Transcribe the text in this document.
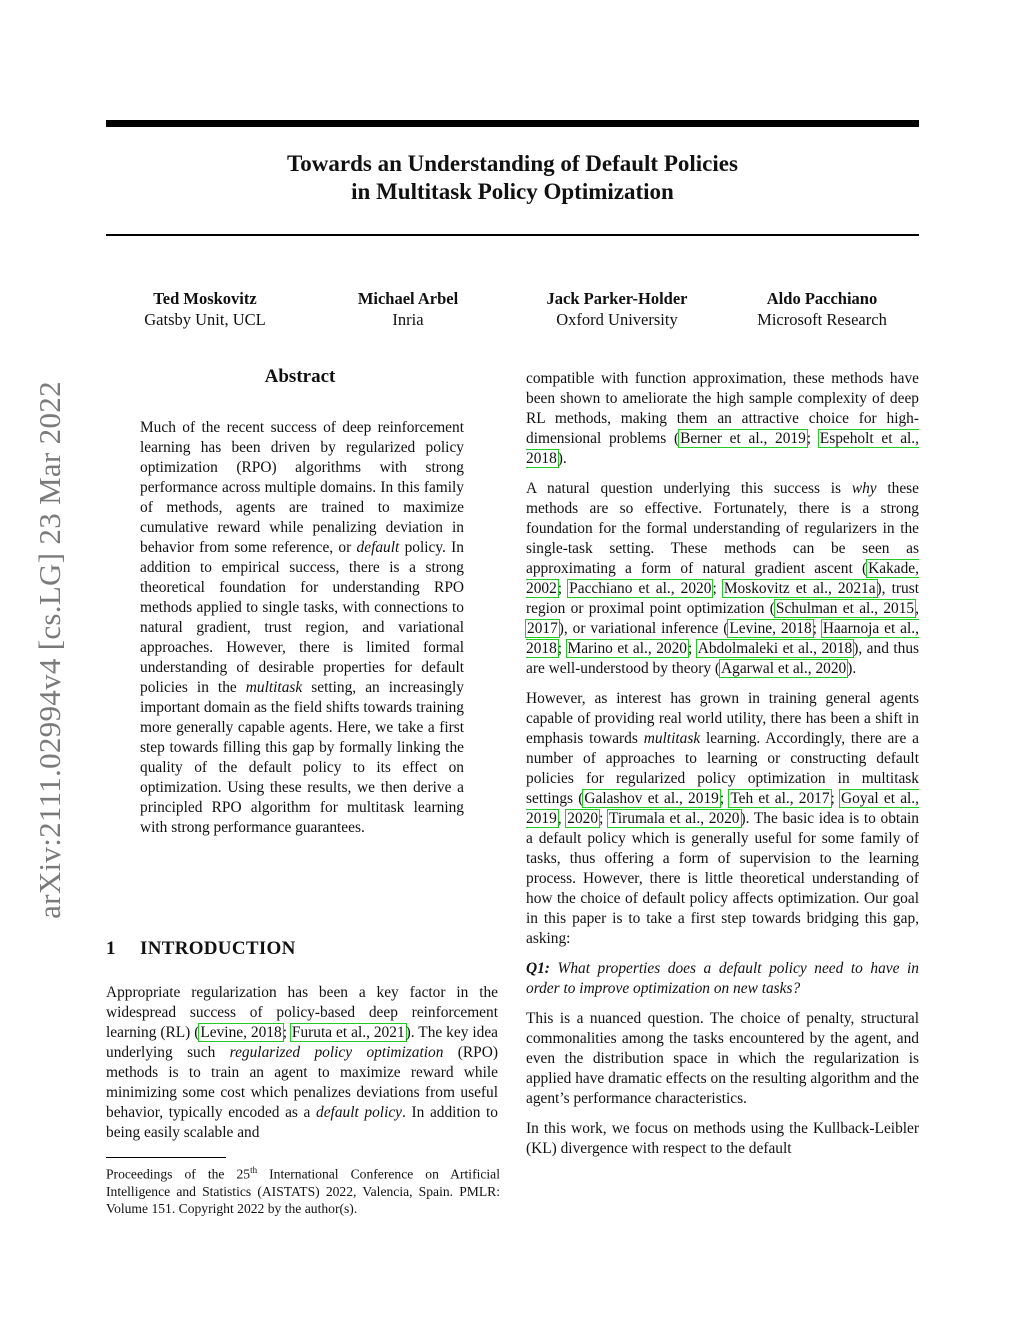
arXiv:2111.02994v4 [cs.LG] 23 Mar 2022
Towards an Understanding of Default Policies
in Multitask Policy Optimization
Ted Moskovitz
Gatsby Unit, UCL
Michael Arbel
Inria
Jack Parker-Holder
Oxford University
Aldo Pacchiano
Microsoft Research
Abstract
Much of the recent success of deep reinforcement learning has been driven by regularized policy optimization (RPO) algorithms with strong performance across multiple domains. In this family of methods, agents are trained to maximize cumulative reward while penalizing deviation in behavior from some reference, or default policy. In addition to empirical success, there is a strong theoretical foundation for understanding RPO methods applied to single tasks, with connections to natural gradient, trust region, and variational approaches. However, there is limited formal understanding of desirable properties for default policies in the multitask setting, an increasingly important domain as the field shifts towards training more generally capable agents. Here, we take a first step towards filling this gap by formally linking the quality of the default policy to its effect on optimization. Using these results, we then derive a principled RPO algorithm for multitask learning with strong performance guarantees.
1 INTRODUCTION
Appropriate regularization has been a key factor in the widespread success of policy-based deep reinforcement learning (RL) (Levine, 2018; Furuta et al., 2021). The key idea underlying such regularized policy optimization (RPO) methods is to train an agent to maximize reward while minimizing some cost which penalizes deviations from useful behavior, typically encoded as a default policy. In addition to being easily scalable and
Proceedings of the 25th International Conference on Artificial Intelligence and Statistics (AISTATS) 2022, Valencia, Spain. PMLR: Volume 151. Copyright 2022 by the author(s).

compatible with function approximation, these methods have been shown to ameliorate the high sample complexity of deep RL methods, making them an attractive choice for high-dimensional problems (Berner et al., 2019; Espeholt et al., 2018).

A natural question underlying this success is why these methods are so effective. Fortunately, there is a strong foundation for the formal understanding of regularizers in the single-task setting. These methods can be seen as approximating a form of natural gradient ascent (Kakade, 2002; Pacchiano et al., 2020; Moskovitz et al., 2021a), trust region or proximal point optimization (Schulman et al., 2015, 2017), or variational inference (Levine, 2018; Haarnoja et al., 2018; Marino et al., 2020; Abdolmaleki et al., 2018), and thus are well-understood by theory (Agarwal et al., 2020).

However, as interest has grown in training general agents capable of providing real world utility, there has been a shift in emphasis towards multitask learning. Accordingly, there are a number of approaches to learning or constructing default policies for regularized policy optimization in multitask settings (Galashov et al., 2019; Teh et al., 2017; Goyal et al., 2019, 2020; Tirumala et al., 2020). The basic idea is to obtain a default policy which is generally useful for some family of tasks, thus offering a form of supervision to the learning process. However, there is little theoretical understanding of how the choice of default policy affects optimization. Our goal in this paper is to take a first step towards bridging this gap, asking:

Q1: What properties does a default policy need to have in order to improve optimization on new tasks?

This is a nuanced question. The choice of penalty, structural commonalities among the tasks encountered by the agent, and even the distribution space in which the regularization is applied have dramatic effects on the resulting algorithm and the agent’s performance characteristics.

In this work, we focus on methods using the Kullback-Leibler (KL) divergence with respect to the default
